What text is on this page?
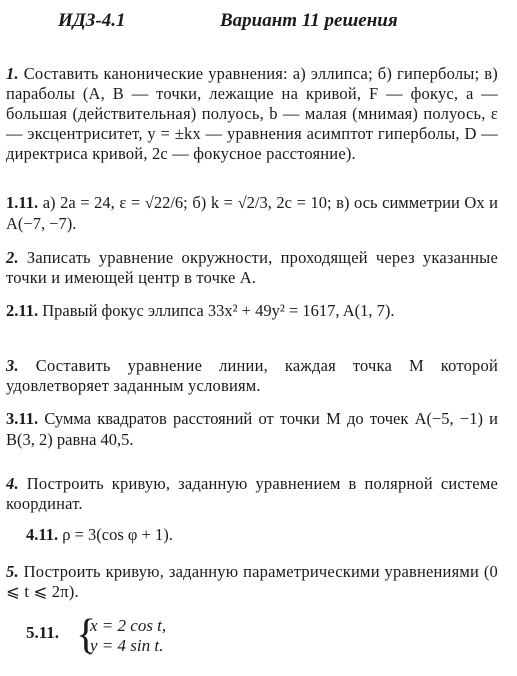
ИДЗ-4.1	Вариант 11 решения
1. Составить канонические уравнения: а) эллипса; б) гиперболы; в) параболы (A, B — точки, лежащие на кривой, F — фокус, a — большая (действительная) полуось, b — малая (мнимая) полуось, ε — эксцентриситет, y = ±kx — уравнения асимптот гиперболы, D — директриса кривой, 2c — фокусное расстояние).
1.11. а) 2a = 24, ε = √22/6; б) k = √2/3, 2c = 10; в) ось симметрии Ox и A(−7, −7).
2. Записать уравнение окружности, проходящей через указанные точки и имеющей центр в точке A.
2.11. Правый фокус эллипса 33x² + 49y² = 1617, A(1, 7).
3. Составить уравнение линии, каждая точка M которой удовлетворяет заданным условиям.
3.11. Сумма квадратов расстояний от точки M до точек A(−5, −1) и B(3, 2) равна 40,5.
4. Построить кривую, заданную уравнением в полярной системе координат.
4.11. ρ = 3(cos φ + 1).
5. Построить кривую, заданную параметрическими уравнениями (0 ⩽ t ⩽ 2π).
5.11. {
x = 2 cos t,
y = 4 sin t.
